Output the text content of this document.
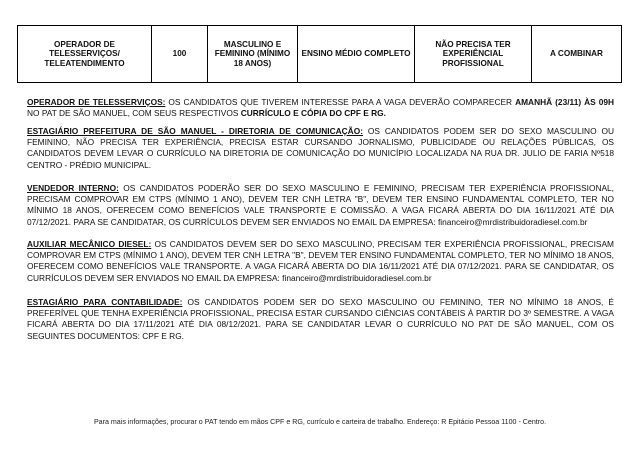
OPERADOR DE TELESSERVIÇOS/ TELEATENDIMENTO	100	MASCULINO E FEMININO (MÍNIMO 18 ANOS)	ENSINO MÉDIO COMPLETO	NÃO PRECISA TER EXPERIÊNCIAL PROFISSIONAL	A COMBINAR
OPERADOR DE TELESSERVIÇOS: OS CANDIDATOS QUE TIVEREM INTERESSE PARA A VAGA DEVERÃO COMPARECER AMANHÃ (23/11) ÀS 09H NO PAT DE SÃO MANUEL, COM SEUS RESPECTIVOS CURRÍCULO E CÓPIA DO CPF E RG.
ESTAGIÁRIO PREFEITURA DE SÃO MANUEL - DIRETORIA DE COMUNICAÇÃO: OS CANDIDATOS PODEM SER DO SEXO MASCULINO OU FEMININO, NÃO PRECISA TER EXPERIÊNCIA, PRECISA ESTAR CURSANDO JORNALISMO, PUBLICIDADE OU RELAÇÕES PÚBLICAS, OS CANDIDATOS DEVEM LEVAR O CURRÍCULO NA DIRETORIA DE COMUNICAÇÃO DO MUNICÍPIO LOCALIZADA NA RUA DR. JULIO DE FARIA Nº518 CENTRO - PRÉDIO MUNICIPAL.
VENDEDOR INTERNO: OS CANDIDATOS PODERÃO SER DO SEXO MASCULINO E FEMININO, PRECISAM TER EXPERIÊNCIA PROFISSIONAL, PRECISAM COMPROVAR EM CTPS (MÍNIMO 1 ANO), DEVEM TER CNH LETRA "B", DEVEM TER ENSINO FUNDAMENTAL COMPLETO, TER NO MÍNIMO 18 ANOS, OFERECEM COMO BENEFÍCIOS VALE TRANSPORTE E COMISSÃO. A VAGA FICARÁ ABERTA DO DIA 16/11/2021 ATÉ DIA 07/12/2021. PARA SE CANDIDATAR, OS CURRÍCULOS DEVEM SER ENVIADOS NO EMAIL DA EMPRESA: financeiro@mrdistribuidoradiesel.com.br
AUXILIAR MECÂNICO DIESEL: OS CANDIDATOS DEVEM SER DO SEXO MASCULINO, PRECISAM TER EXPERIÊNCIA PROFISSIONAL, PRECISAM COMPROVAR EM CTPS (MÍNIMO 1 ANO), DEVEM TER CNH LETRA "B", DEVEM TER ENSINO FUNDAMENTAL COMPLETO, TER NO MÍNIMO 18 ANOS, OFERECEM COMO BENEFÍCIOS VALE TRANSPORTE. A VAGA FICARÁ ABERTA DO DIA 16/11/2021 ATÉ DIA 07/12/2021. PARA SE CANDIDATAR, OS CURRÍCULOS DEVEM SER ENVIADOS NO EMAIL DA EMPRESA: financeiro@mrdistribuidoradiesel.com.br
ESTAGIÁRIO PARA CONTABILIDADE: OS CANDIDATOS PODEM SER DO SEXO MASCULINO OU FEMININO, TER NO MÍNIMO 18 ANOS, É PREFERÍVEL QUE TENHA EXPERIÊNCIA PROFISSIONAL, PRECISA ESTAR CURSANDO CIÊNCIAS CONTÁBEIS À PARTIR DO 3º SEMESTRE. A VAGA FICARÁ ABERTA DO DIA 17/11/2021 ATÉ DIA 08/12/2021. PARA SE CANDIDATAR LEVAR O CURRÍCULO NO PAT DE SÃO MANUEL, COM OS SEGUINTES DOCUMENTOS: CPF E RG.
Para mais informações, procurar o PAT tendo em mãos CPF e RG, currículo e carteira de trabalho. Endereço: R Epitácio Pessoa 1100 - Centro.
